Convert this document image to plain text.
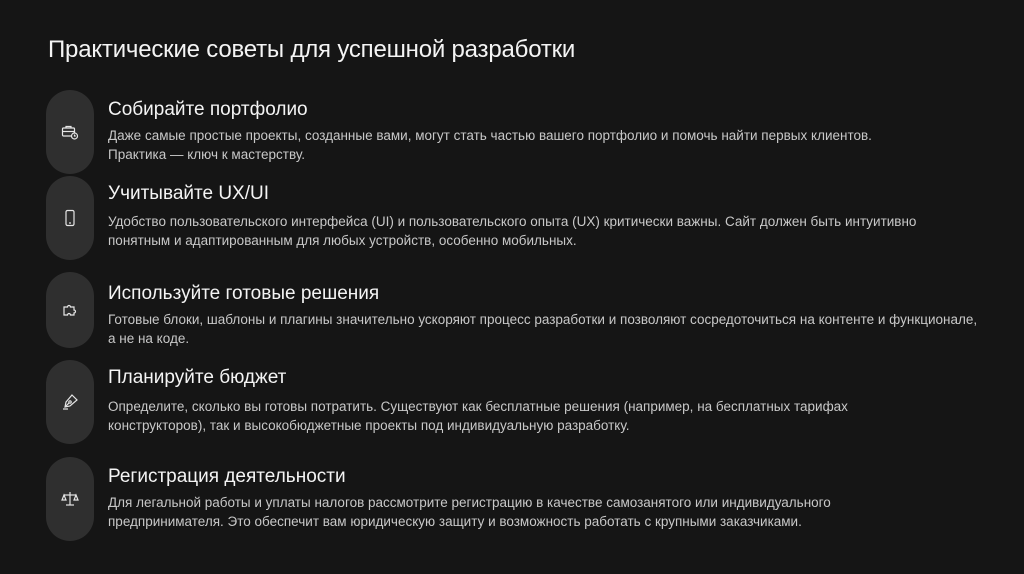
Практические советы для успешной разработки
Собирайте портфолио
Даже самые простые проекты, созданные вами, могут стать частью вашего портфолио и помочь найти первых клиентов.
Практика — ключ к мастерству.
Учитывайте UX/UI
Удобство пользовательского интерфейса (UI) и пользовательского опыта (UX) критически важны. Сайт должен быть интуитивно
понятным и адаптированным для любых устройств, особенно мобильных.
Используйте готовые решения
Готовые блоки, шаблоны и плагины значительно ускоряют процесс разработки и позволяют сосредоточиться на контенте и функционале,
а не на коде.
Планируйте бюджет
Определите, сколько вы готовы потратить. Существуют как бесплатные решения (например, на бесплатных тарифах
конструкторов), так и высокобюджетные проекты под индивидуальную разработку.
Регистрация деятельности
Для легальной работы и уплаты налогов рассмотрите регистрацию в качестве самозанятого или индивидуального
предпринимателя. Это обеспечит вам юридическую защиту и возможность работать с крупными заказчиками.
